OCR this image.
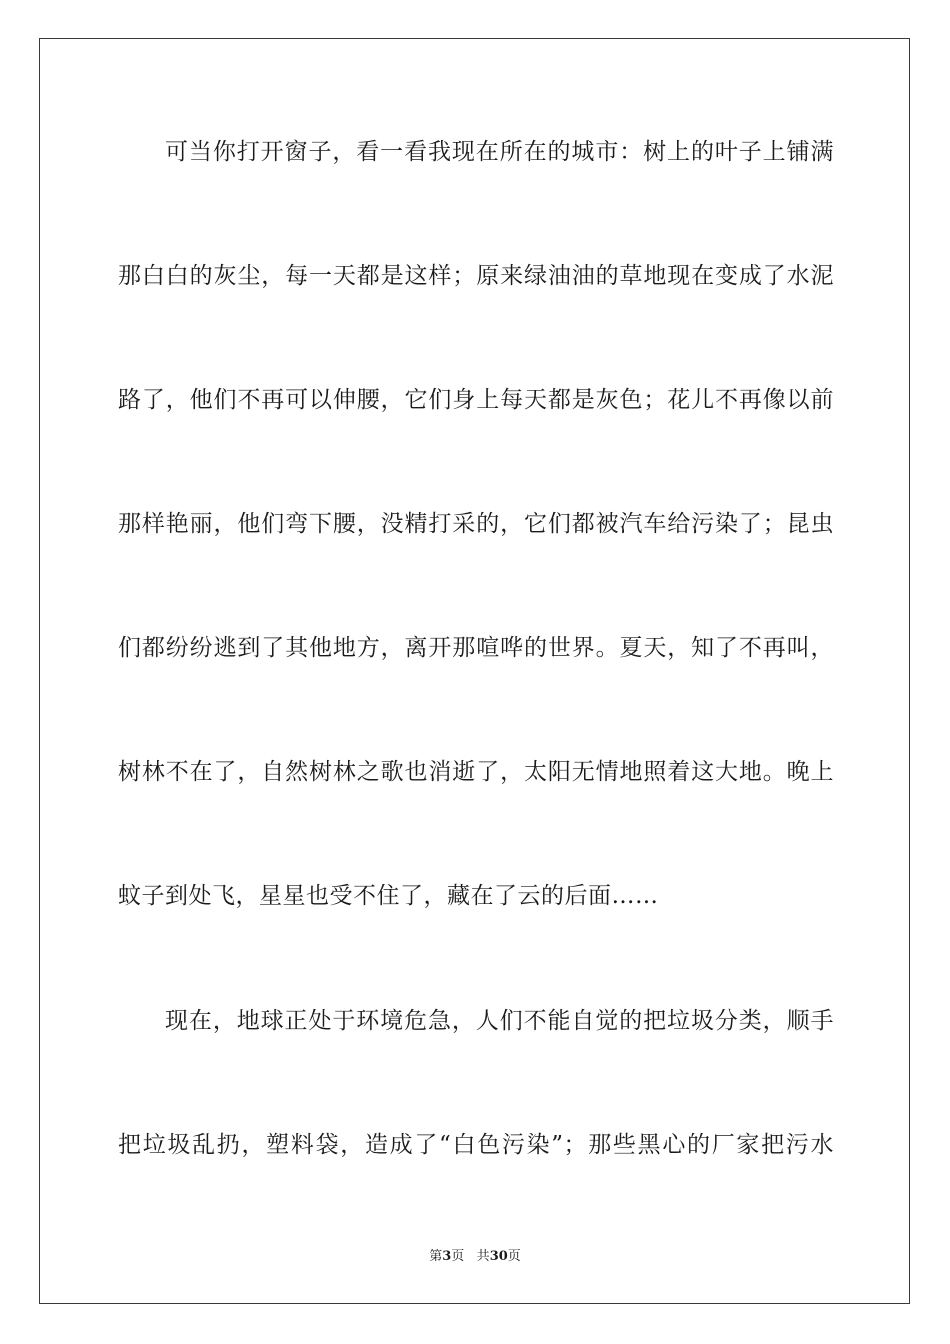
可当你打开窗子，看一看我现在所在的城市：树上的叶子上铺满
那白白的灰尘，每一天都是这样；原来绿油油的草地现在变成了水泥
路了，他们不再可以伸腰，它们身上每天都是灰色；花儿不再像以前
那样艳丽，他们弯下腰，没精打采的，它们都被汽车给污染了；昆虫
们都纷纷逃到了其他地方，离开那喧哗的世界。夏天，知了不再叫，
树林不在了，自然树林之歌也消逝了，太阳无情地照着这大地。晚上
蚊子到处飞，星星也受不住了，藏在了云的后面……
现在，地球正处于环境危急，人们不能自觉的把垃圾分类，顺手
把垃圾乱扔，塑料袋，造成了“白色污染”；那些黑心的厂家把污水
第3页 共30页
